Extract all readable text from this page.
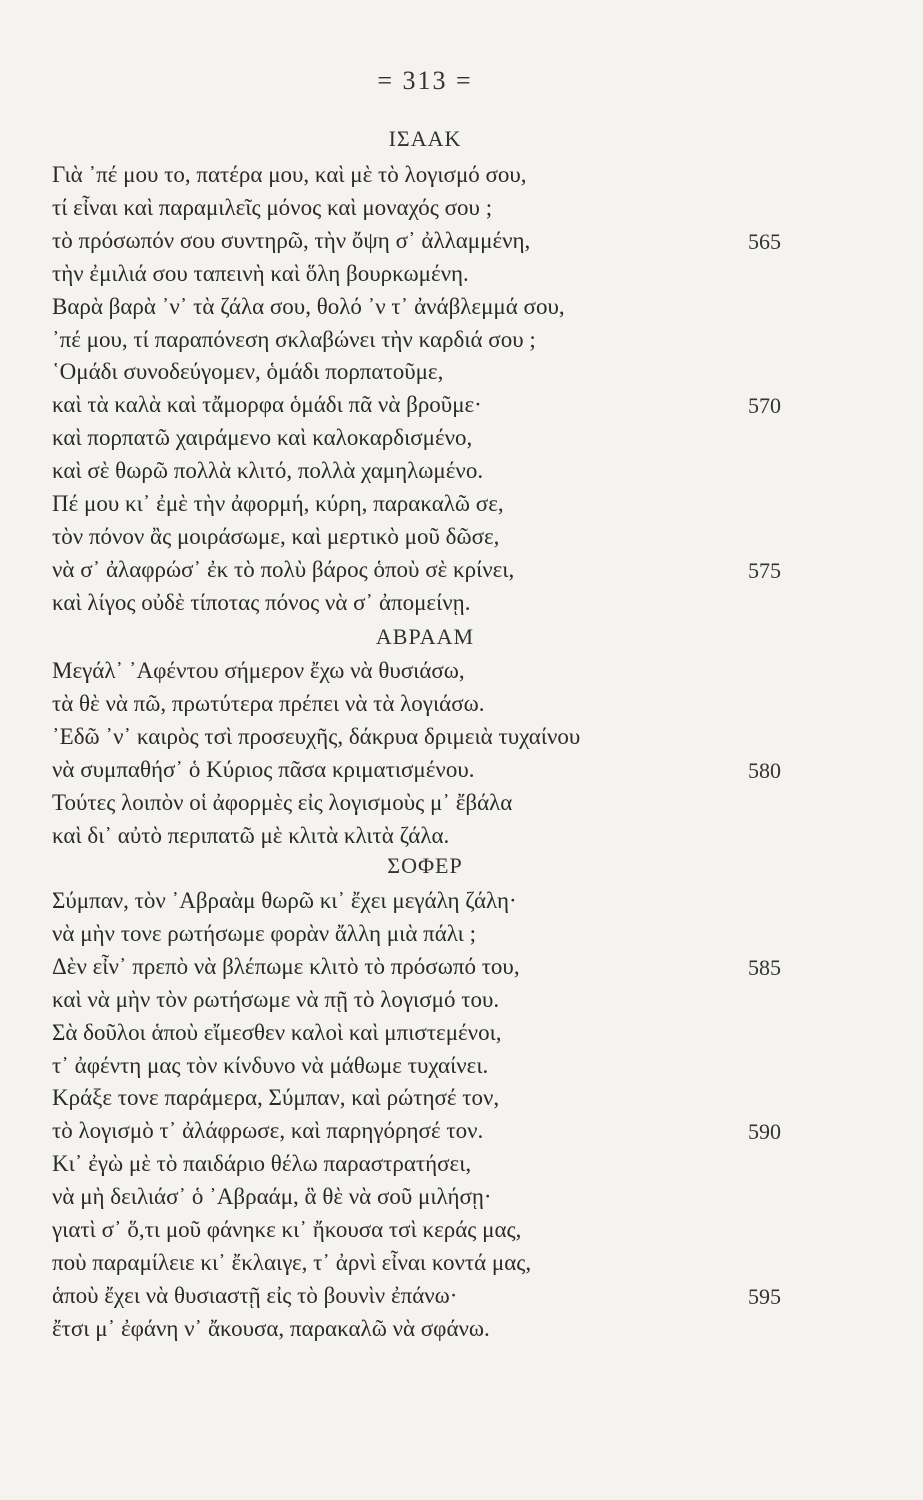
= 313 =
ΙΣΑΑΚ
Γιὰ ᾿πέ μου το, πατέρα μου, καὶ μὲ τὸ λογισμό σου,
τί εἶναι καὶ παραμιλεῖς μόνος καὶ μοναχός σου ;
τὸ πρόσωπόν σου συντηρῶ, τὴν ὄψη σ᾿ ἀλλαμμένη,
τὴν ἐμιλιά σου ταπεινὴ καὶ ὅλη βουρκωμένη.
Βαρὰ βαρὰ ᾿ν᾿ τὰ ζάλα σου, θολό ᾿ν τ᾿ ἀνάβλεμμά σου,
᾿πέ μου, τί παραπόνεση σκλαβώνει τὴν καρδιά σου ;
῾Ομάδι συνοδεύγομεν, ὁμάδι πορπατοῦμε,
καὶ τὰ καλὰ καὶ τἄμορφα ὁμάδι πᾶ νὰ βροῦμε·
καὶ πορπατῶ χαιράμενο καὶ καλοκαρδισμένο,
καὶ σὲ θωρῶ πολλὰ κλιτό, πολλὰ χαμηλωμένο.
Πέ μου κι᾿ ἐμὲ τὴν ἀφορμή, κύρη, παρακαλῶ σε,
τὸν πόνον ἂς μοιράσωμε, καὶ μερτικὸ μοῦ δῶσε,
νὰ σ᾿ ἀλαφρώσ᾿ ἐκ τὸ πολὺ βάρος ὁποὺ σὲ κρίνει,
καὶ λίγος οὐδὲ τίποτας πόνος νὰ σ᾿ ἀπομείνῃ.
ΑΒΡΑΑΜ
Μεγάλ᾿ ᾿Αφέντου σήμερον ἔχω νὰ θυσιάσω,
τὰ θὲ νὰ πῶ, πρωτύτερα πρέπει νὰ τὰ λογιάσω.
᾿Εδῶ ᾿ν᾿ καιρὸς τσὶ προσευχῆς, δάκρυα δριμειὰ τυχαίνου
νὰ συμπαθήσ᾿ ὁ Κύριος πᾶσα κριματισμένου.
Τούτες λοιπὸν οἱ ἀφορμὲς εἰς λογισμοὺς μ᾿ ἔβάλα
καὶ δι᾿ αὐτὸ περιπατῶ μὲ κλιτὰ κλιτὰ ζάλα.
ΣΟΦΕΡ
Σύμπαν, τὸν ᾿Αβραὰμ θωρῶ κι᾿ ἔχει μεγάλη ζάλη·
νὰ μὴν τονε ρωτήσωμε φορὰν ἄλλη μιὰ πάλι ;
Δὲν εἶν᾿ πρεπὸ νὰ βλέπωμε κλιτὸ τὸ πρόσωπό του,
καὶ νὰ μὴν τὸν ρωτήσωμε νὰ πῇ τὸ λογισμό του.
Σὰ δοῦλοι ἁποὺ εἴμεσθεν καλοὶ καὶ μπιστεμένοι,
τ᾿ ἀφέντη μας τὸν κίνδυνο νὰ μάθωμε τυχαίνει.
Κράξε τονε παράμερα, Σύμπαν, καὶ ρώτησέ τον,
τὸ λογισμὸ τ᾿ ἀλάφρωσε, καὶ παρηγόρησέ τον.
Κι᾿ ἐγὼ μὲ τὸ παιδάριο θέλω παραστρατήσει,
νὰ μὴ δειλιάσ᾿ ὁ ᾿Αβραάμ, ἃ θὲ νὰ σοῦ μιλήσῃ·
γιατὶ σ᾿ ὅ,τι μοῦ φάνηκε κι᾿ ἤκουσα τσὶ κεράς μας,
ποὺ παραμίλειε κι᾿ ἔκλαιγε, τ᾿ ἀρνὶ εἶναι κοντά μας,
ἁποὺ ἔχει νὰ θυσιαστῇ εἰς τὸ βουνὶν ἐπάνω·
ἔτσι μ᾿ ἐφάνη ν᾿ ἄκουσα, παρακαλῶ νὰ σφάνω.
565
570
575
580
585
590
595
